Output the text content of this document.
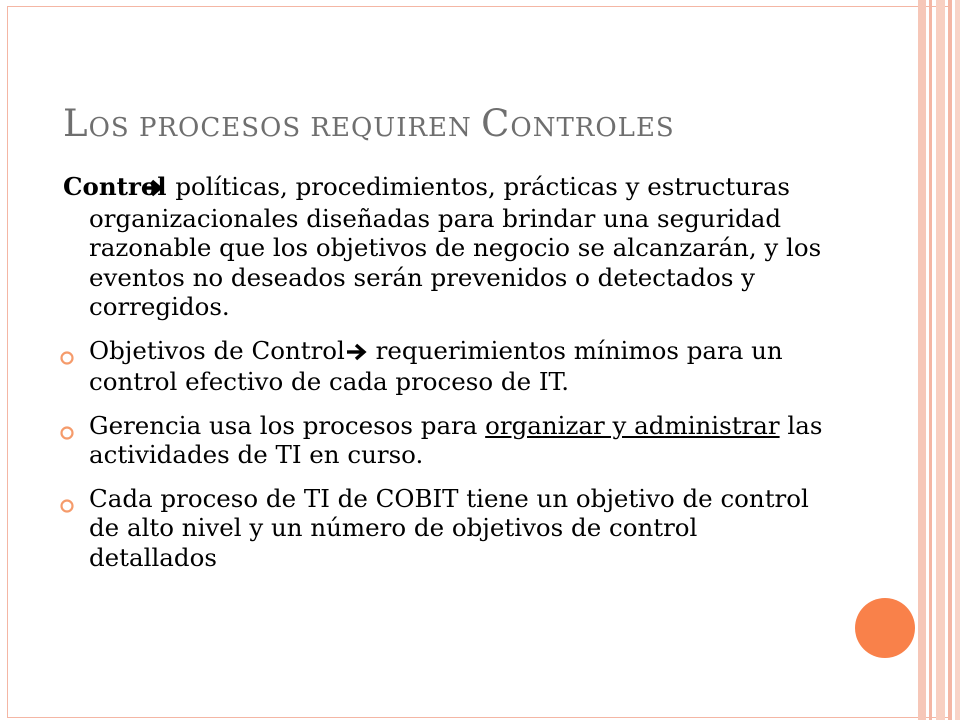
LOS PROCESOS REQUIREN CONTROLES

Control políticas, procedimientos, prácticas y estructuras organizacionales diseñadas para brindar una seguridad razonable que los objetivos de negocio se alcanzarán, y los eventos no deseados serán prevenidos o detectados y corregidos.

Objetivos de Control requerimientos mínimos para un control efectivo de cada proceso de IT.
Gerencia usa los procesos para organizar y administrar las actividades de TI en curso.
Cada proceso de TI de COBIT tiene un objetivo de control de alto nivel y un número de objetivos de control detallados
